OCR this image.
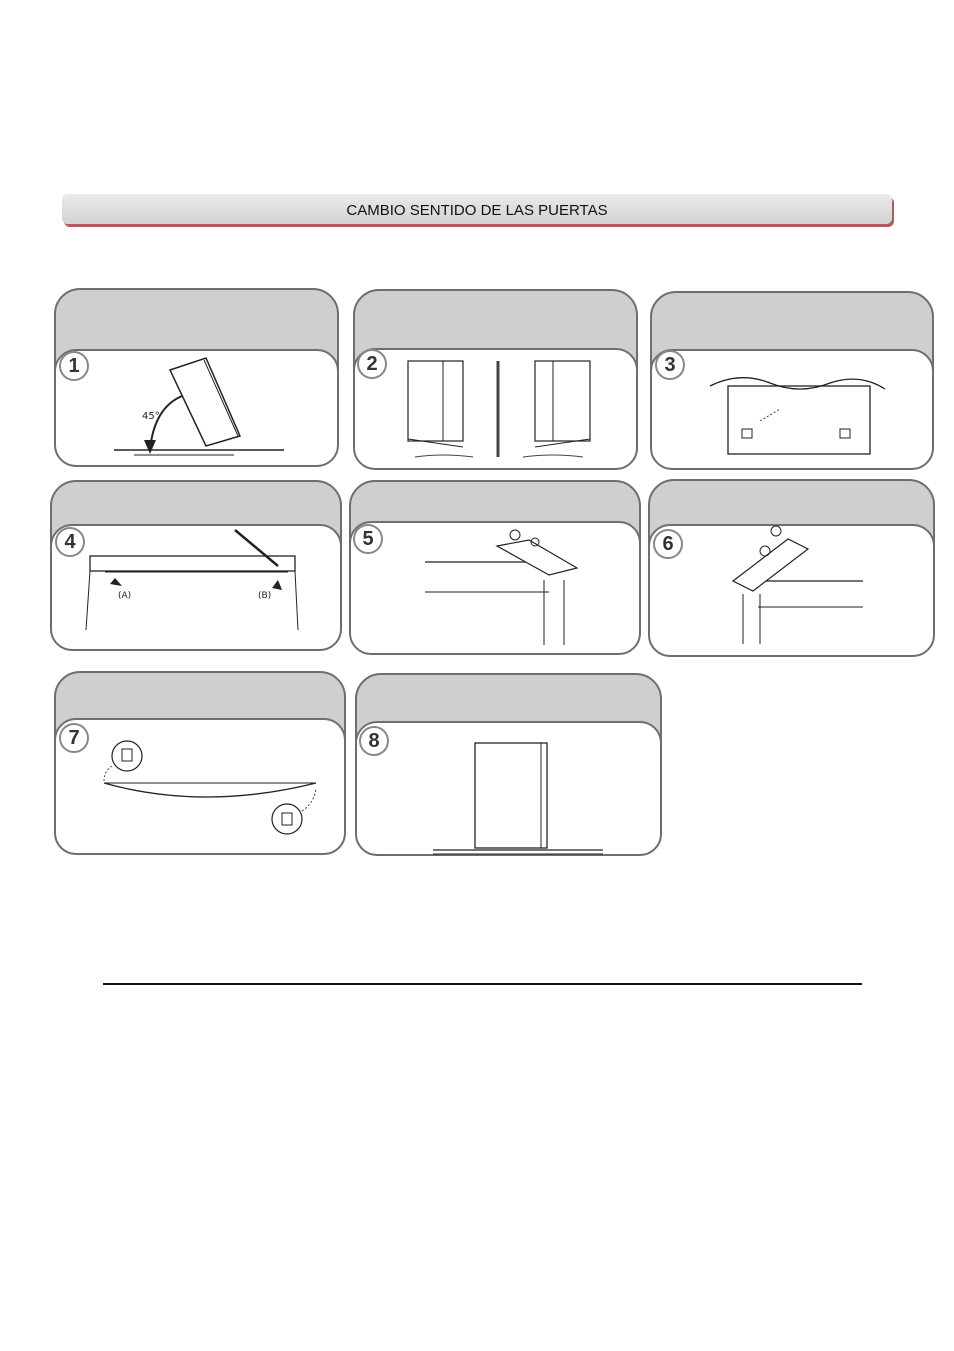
CAMBIO SENTIDO DE LAS PUERTAS
1
45°
2	3
4
(A)	(B)
5	6
7	8
